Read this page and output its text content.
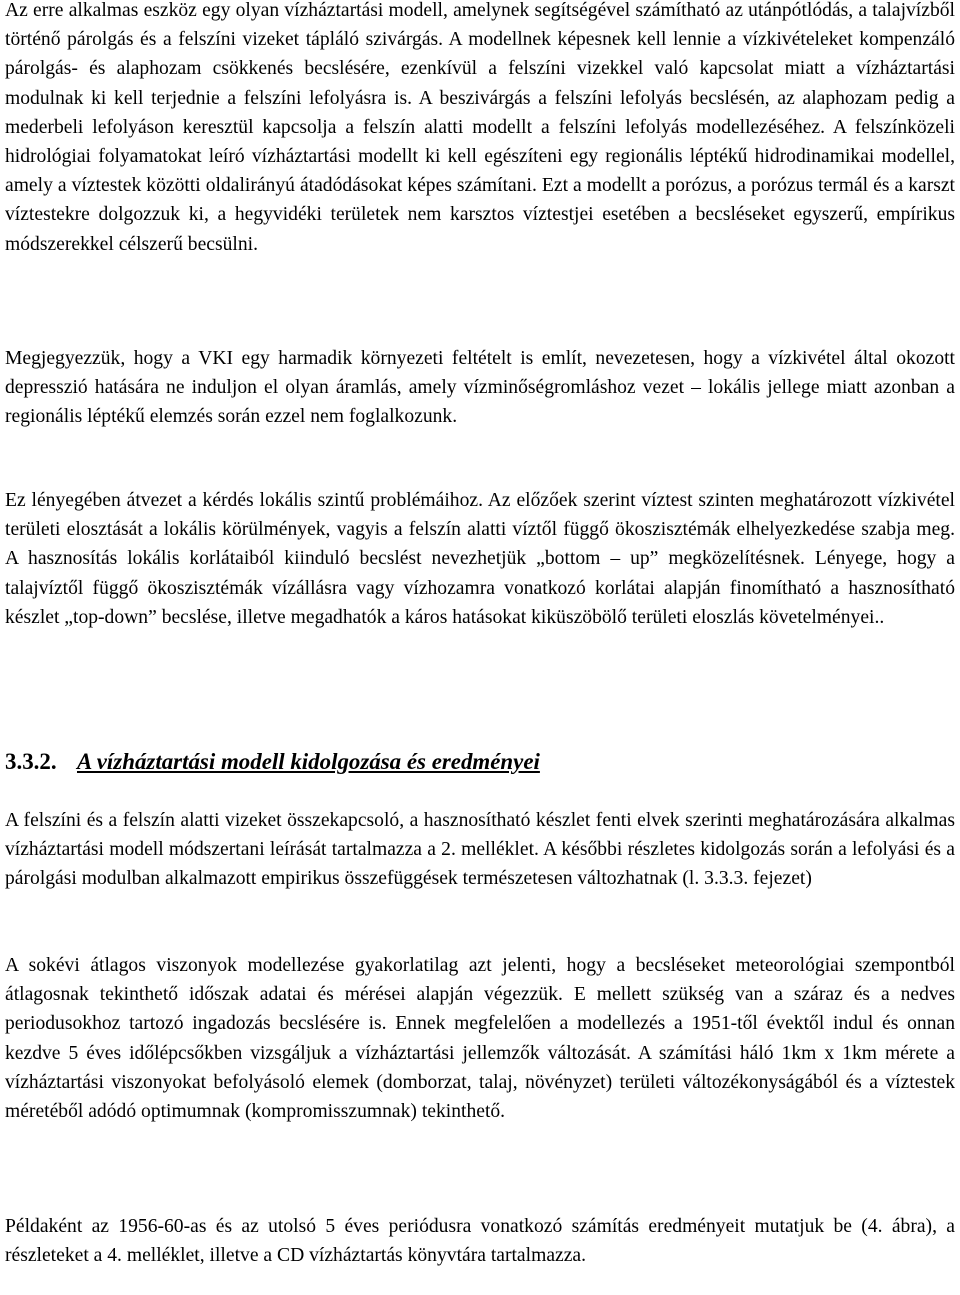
Az erre alkalmas eszköz egy olyan vízháztartási modell, amelynek segítségével számítható az utánpótlódás, a talajvízből történő párolgás és a felszíni vizeket tápláló szivárgás. A modellnek képesnek kell lennie a vízkivételeket kompenzáló párolgás- és alaphozam csökkenés becslésére, ezenkívül a felszíni vizekkel való kapcsolat miatt a vízháztartási modulnak ki kell terjednie a felszíni lefolyásra is. A beszivárgás a felszíni lefolyás becslésén, az alaphozam pedig a mederbeli lefolyáson keresztül kapcsolja a felszín alatti modellt a felszíni lefolyás modellezéséhez. A felszínközeli hidrológiai folyamatokat leíró vízháztartási modellt ki kell egészíteni egy regionális léptékű hidrodinamikai modellel, amely a víztestek közötti oldalirányú átadódásokat képes számítani. Ezt a modellt a porózus, a porózus termál és a karszt víztestekre dolgozzuk ki, a hegyvidéki területek nem karsztos víztestjei esetében a becsléseket egyszerű, empírikus módszerekkel célszerű becsülni.

Megjegyezzük, hogy a VKI egy harmadik környezeti feltételt is említ, nevezetesen, hogy a vízkivétel által okozott depresszió hatására ne induljon el olyan áramlás, amely vízminőségromláshoz vezet – lokális jellege miatt azonban a regionális léptékű elemzés során ezzel nem foglalkozunk.

Ez lényegében átvezet a kérdés lokális szintű problémáihoz. Az előzőek szerint víztest szinten meghatározott vízkivétel területi elosztását a lokális körülmények, vagyis a felszín alatti víztől függő ökoszisztémák elhelyezkedése szabja meg. A hasznosítás lokális korlátaiból kiinduló becslést nevezhetjük „bottom – up” megközelítésnek. Lényege, hogy a talajvíztől függő ökoszisztémák vízállásra vagy vízhozamra vonatkozó korlátai alapján finomítható a hasznosítható készlet „top-down” becslése, illetve megadhatók a káros hatásokat kiküszöbölő területi eloszlás követelményei..

3.3.2. A vízháztartási modell kidolgozása és eredményei

A felszíni és a felszín alatti vizeket összekapcsoló, a hasznosítható készlet fenti elvek szerinti meghatározására alkalmas vízháztartási modell módszertani leírását tartalmazza a 2. melléklet. A későbbi részletes kidolgozás során a lefolyási és a párolgási modulban alkalmazott empirikus összefüggések természetesen változhatnak (l. 3.3.3. fejezet)

A sokévi átlagos viszonyok modellezése gyakorlatilag azt jelenti, hogy a becsléseket meteorológiai szempontból átlagosnak tekinthető időszak adatai és mérései alapján végezzük. E mellett szükség van a száraz és a nedves periodusokhoz tartozó ingadozás becslésére is. Ennek megfelelően a modellezés a 1951-től évektől indul és onnan kezdve 5 éves időlépcsőkben vizsgáljuk a vízháztartási jellemzők változását. A számítási háló 1km x 1km mérete a vízháztartási viszonyokat befolyásoló elemek (domborzat, talaj, növényzet) területi változékonyságából és a víztestek méretéből adódó optimumnak (kompromisszumnak) tekinthető.

Példaként az 1956-60-as és az utolsó 5 éves periódusra vonatkozó számítás eredményeit mutatjuk be (4. ábra), a részleteket a 4. melléklet, illetve a CD vízháztartás könyvtára tartalmazza.
